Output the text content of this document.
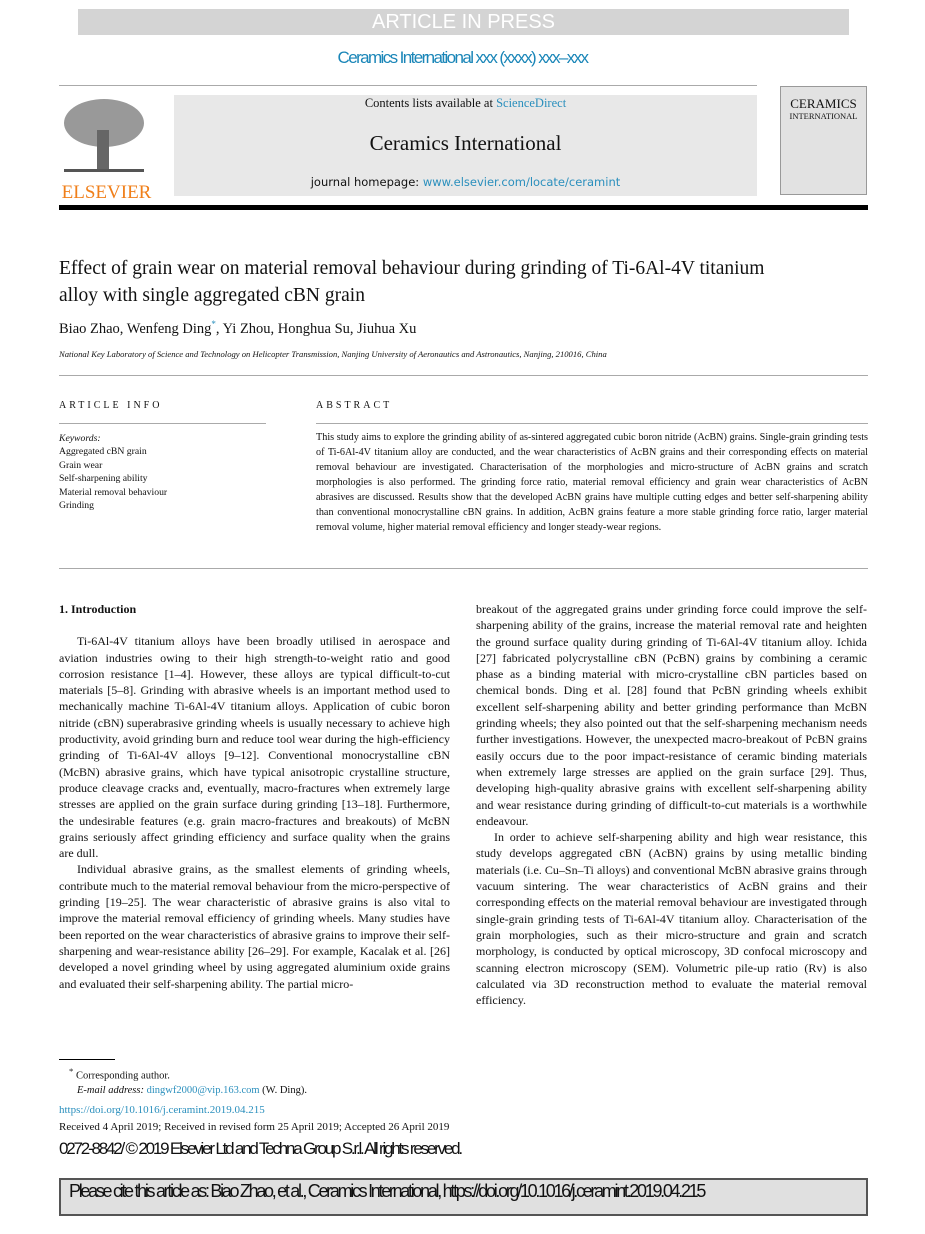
ARTICLE IN PRESS
Ceramics International xxx (xxxx) xxx–xxx
ELSEVIER
Contents lists available at ScienceDirect
Ceramics International
journal homepage: www.elsevier.com/locate/ceramint
CERAMICS
INTERNATIONAL
Effect of grain wear on material removal behaviour during grinding of Ti-6Al-4V titanium alloy with single aggregated cBN grain
Biao Zhao, Wenfeng Ding*, Yi Zhou, Honghua Su, Jiuhua Xu
National Key Laboratory of Science and Technology on Helicopter Transmission, Nanjing University of Aeronautics and Astronautics, Nanjing, 210016, China
ARTICLE INFO	ABSTRACT
Keywords:
Aggregated cBN grain
Grain wear
Self-sharpening ability
Material removal behaviour
Grinding
This study aims to explore the grinding ability of as-sintered aggregated cubic boron nitride (AcBN) grains. Single-grain grinding tests of Ti-6Al-4V titanium alloy are conducted, and the wear characteristics of AcBN grains and their corresponding effects on material removal behaviour are investigated. Characterisation of the morphologies and micro-structure of AcBN grains and scratch morphologies is also performed. The grinding force ratio, material removal efficiency and grain wear characteristics of AcBN abrasives are discussed. Results show that the developed AcBN grains have multiple cutting edges and better self-sharpening ability than conventional monocrystalline cBN grains. In addition, AcBN grains feature a more stable grinding force ratio, larger material removal volume, higher material removal efficiency and longer steady-wear regions.
1. Introduction

Ti-6Al-4V titanium alloys have been broadly utilised in aerospace and aviation industries owing to their high strength-to-weight ratio and good corrosion resistance [1–4]. However, these alloys are typical difficult-to-cut materials [5–8]. Grinding with abrasive wheels is an important method used to mechanically machine Ti-6Al-4V titanium alloys. Application of cubic boron nitride (cBN) superabrasive grinding wheels is usually necessary to achieve high productivity, avoid grinding burn and reduce tool wear during the high-efficiency grinding of Ti-6Al-4V alloys [9–12]. Conventional monocrystalline cBN (McBN) abrasive grains, which have typical anisotropic crystalline structure, produce cleavage cracks and, eventually, macro-fractures when extremely large stresses are applied on the grain surface during grinding [13–18]. Furthermore, the undesirable features (e.g. grain macro-fractures and breakouts) of McBN grains seriously affect grinding efficiency and surface quality when the grains are dull.

Individual abrasive grains, as the smallest elements of grinding wheels, contribute much to the material removal behaviour from the micro-perspective of grinding [19–25]. The wear characteristic of abrasive grains is also vital to improve the material removal efficiency of grinding wheels. Many studies have been reported on the wear characteristics of abrasive grains to improve their self-sharpening and wear-resistance ability [26–29]. For example, Kacalak et al. [26] developed a novel grinding wheel by using aggregated aluminium oxide grains and evaluated their self-sharpening ability. The partial micro-

breakout of the aggregated grains under grinding force could improve the self-sharpening ability of the grains, increase the material removal rate and heighten the ground surface quality during grinding of Ti-6Al-4V titanium alloy. Ichida [27] fabricated polycrystalline cBN (PcBN) grains by combining a ceramic phase as a binding material with micro-crystalline cBN particles based on chemical bonds. Ding et al. [28] found that PcBN grinding wheels exhibit excellent self-sharpening ability and better grinding performance than McBN grinding wheels; they also pointed out that the self-sharpening mechanism needs further investigations. However, the unexpected macro-breakout of PcBN grains easily occurs due to the poor impact-resistance of ceramic binding materials when extremely large stresses are applied on the grain surface [29]. Thus, developing high-quality abrasive grains with excellent self-sharpening ability and wear resistance during grinding of difficult-to-cut materials is a worthwhile endeavour.

In order to achieve self-sharpening ability and high wear resistance, this study develops aggregated cBN (AcBN) grains by using metallic binding materials (i.e. Cu–Sn–Ti alloys) and conventional McBN abrasive grains through vacuum sintering. The wear characteristics of AcBN grains and their corresponding effects on the material removal behaviour are investigated through single-grain grinding tests of Ti-6Al-4V titanium alloy. Characterisation of the grain morphologies, such as their micro-structure and grain and scratch morphology, is conducted by optical microscopy, 3D confocal microscopy and scanning electron microscopy (SEM). Volumetric pile-up ratio (Rv) is also calculated via 3D reconstruction method to evaluate the material removal efficiency.

* Corresponding author.
E-mail address: dingwf2000@vip.163.com (W. Ding).
https://doi.org/10.1016/j.ceramint.2019.04.215
Received 4 April 2019; Received in revised form 25 April 2019; Accepted 26 April 2019
0272-8842/ © 2019 Elsevier Ltd and Techna Group S.r.l. All rights reserved.
Please cite this article as: Biao Zhao, et al., Ceramics International, https://doi.org/10.1016/j.ceramint.2019.04.215
